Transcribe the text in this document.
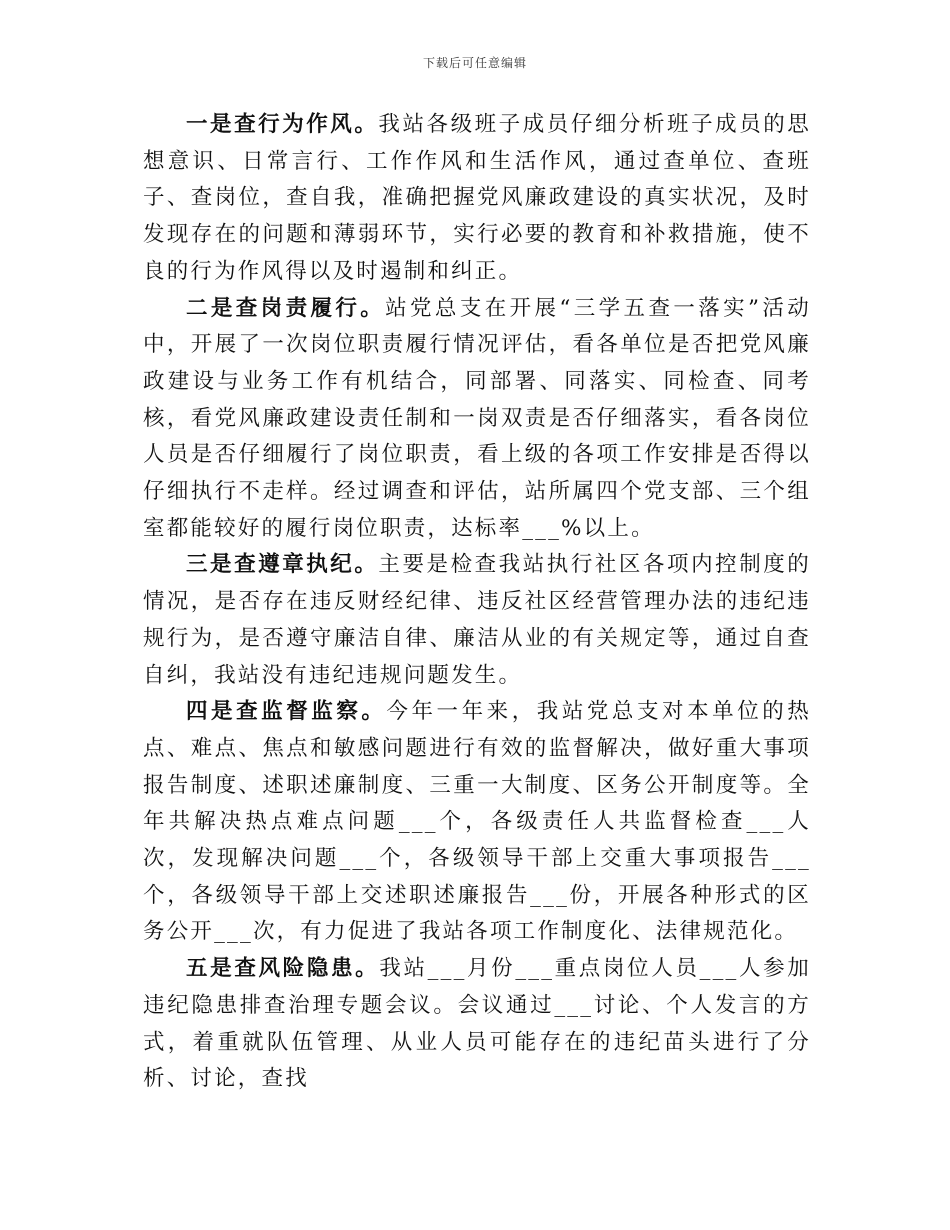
下载后可任意编辑

一是查行为作风。我站各级班子成员仔细分析班子成员的思想意识、日常言行、工作作风和生活作风，通过查单位、查班子、查岗位，查自我，准确把握党风廉政建设的真实状况，及时发现存在的问题和薄弱环节，实行必要的教育和补救措施，使不良的行为作风得以及时遏制和纠正。

二是查岗责履行。站党总支在开展“三学五查一落实”活动中，开展了一次岗位职责履行情况评估，看各单位是否把党风廉政建设与业务工作有机结合，同部署、同落实、同检查、同考核，看党风廉政建设责任制和一岗双责是否仔细落实，看各岗位人员是否仔细履行了岗位职责，看上级的各项工作安排是否得以仔细执行不走样。经过调查和评估，站所属四个党支部、三个组室都能较好的履行岗位职责，达标率___%以上。

三是查遵章执纪。主要是检查我站执行社区各项内控制度的情况，是否存在违反财经纪律、违反社区经营管理办法的违纪违规行为，是否遵守廉洁自律、廉洁从业的有关规定等，通过自查自纠，我站没有违纪违规问题发生。

四是查监督监察。今年一年来，我站党总支对本单位的热点、难点、焦点和敏感问题进行有效的监督解决，做好重大事项报告制度、述职述廉制度、三重一大制度、区务公开制度等。全年共解决热点难点问题___个，各级责任人共监督检查___人次，发现解决问题___个，各级领导干部上交重大事项报告___个，各级领导干部上交述职述廉报告___份，开展各种形式的区务公开___次，有力促进了我站各项工作制度化、法律规范化。

五是查风险隐患。我站___月份___重点岗位人员___人参加违纪隐患排查治理专题会议。会议通过___讨论、个人发言的方式，着重就队伍管理、从业人员可能存在的违纪苗头进行了分析、讨论，查找
